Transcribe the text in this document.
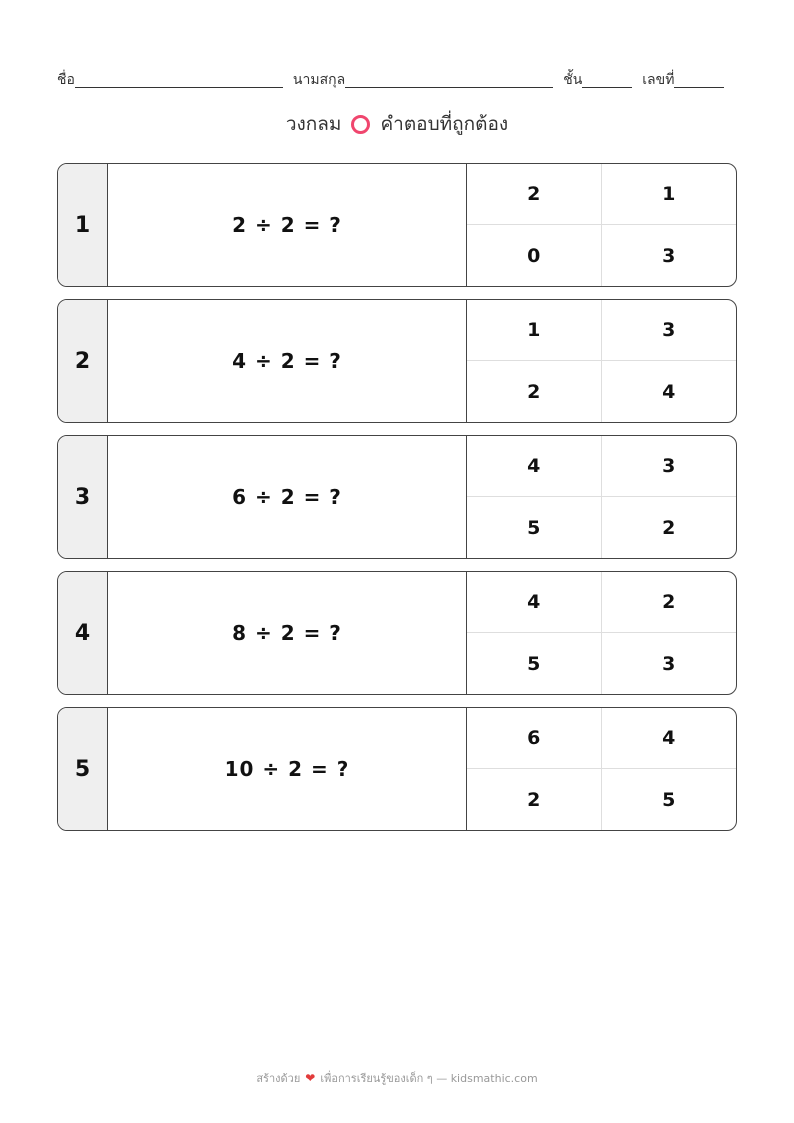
ชื่อ	นามสกุล	ชั้น	เลขที่
วงกลม คำตอบที่ถูกต้อง
1	2 ÷ 2 = ?
2	1
0	3
2	4 ÷ 2 = ?
1	3
2	4
3	6 ÷ 2 = ?
4	3
5	2
4	8 ÷ 2 = ?
4	2
5	3
5	10 ÷ 2 = ?
6	4
2	5
สร้างด้วย ❤ เพื่อการเรียนรู้ของเด็ก ๆ — kidsmathic.com
